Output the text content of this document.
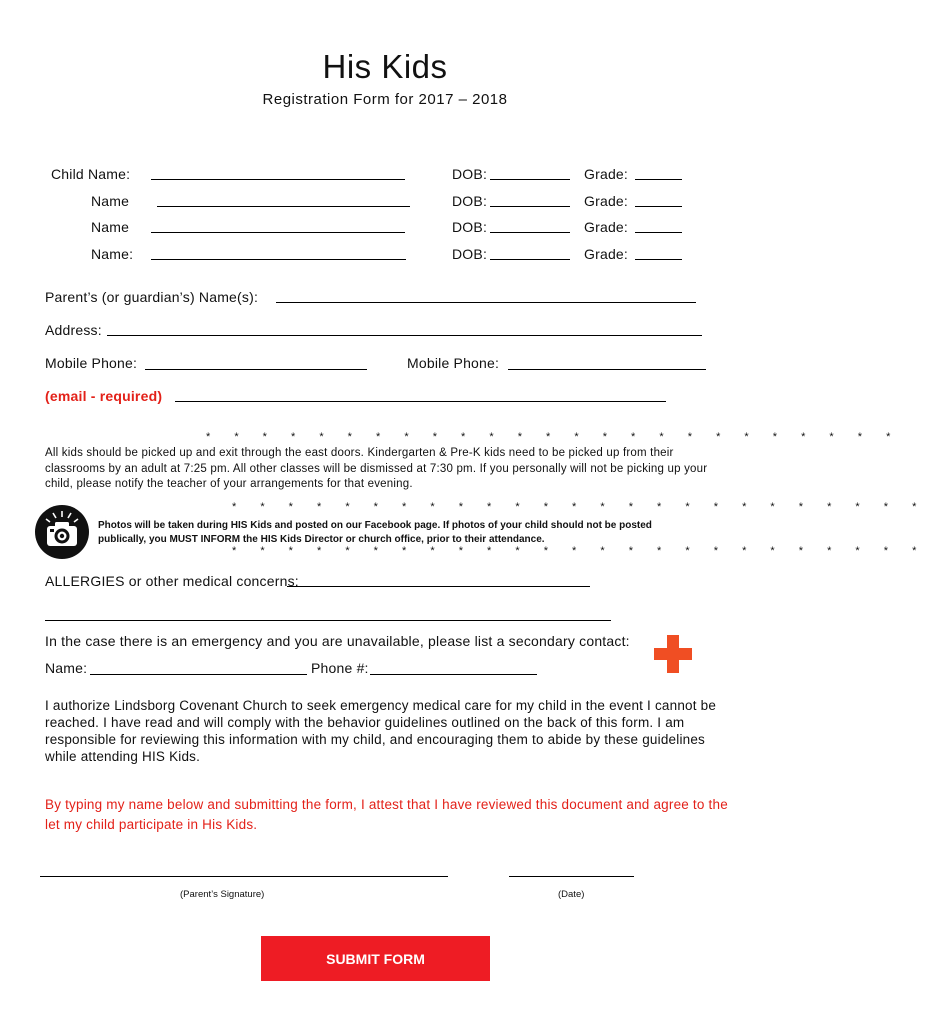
His Kids
Registration Form for 2017 – 2018
Child Name:	DOB:	Grade:
Name	DOB:	Grade:
Name	DOB:	Grade:
Name:	DOB:	Grade:
Parent’s (or guardian’s) Name(s):
Address:
Mobile Phone:	Mobile Phone:
(email - required)
* * * * * * * * * * * * * * * * * * * * * * * * *
All kids should be picked up and exit through the east doors. Kindergarten & Pre-K kids need to be picked up from their classrooms by an adult at 7:25 pm. All other classes will be dismissed at 7:30 pm. If you personally will not be picking up your child, please notify the teacher of your arrangements for that evening.
* * * * * * * * * * * * * * * * * * * * * * * * *
Photos will be taken during HIS Kids and posted on our Facebook page. If photos of your child should not be posted
publically, you MUST INFORM the HIS Kids Director or church office, prior to their attendance.
* * * * * * * * * * * * * * * * * * * * * * * * *
ALLERGIES or other medical concerns:
In the case there is an emergency and you are unavailable, please list a secondary contact:
Name:	Phone #:
I authorize Lindsborg Covenant Church to seek emergency medical care for my child in the event I cannot be reached. I have read and will comply with the behavior guidelines outlined on the back of this form. I am responsible for reviewing this information with my child, and encouraging them to abide by these guidelines while attending HIS Kids.
By typing my name below and submitting the form, I attest that I have reviewed this document and agree to the let my child participate in His Kids.
(Parent’s Signature)	(Date)
SUBMIT FORM
